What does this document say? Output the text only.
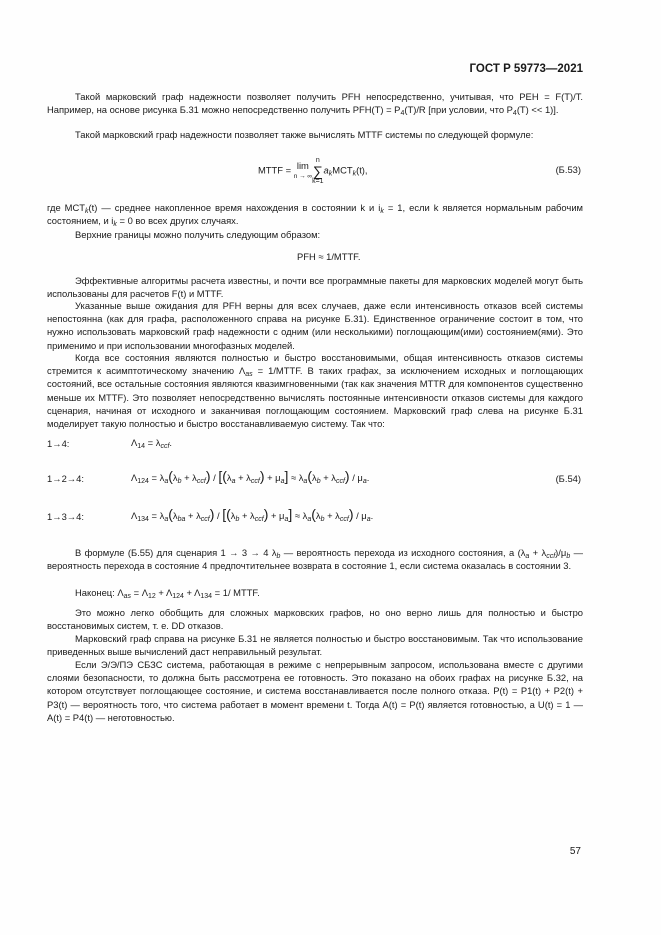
ГОСТ Р 59773—2021
Такой марковский граф надежности позволяет получить PFH непосредственно, учитывая, что PEH = F(T)/T. Например, на основе рисунка Б.31 можно непосредственно получить $PFH(T) = P_4(T)/R$ [при условии, что $P_4(T) << 1$)].
Такой марковский граф надежности позволяет также вычислять MTTF системы по следующей формуле:
MTTF = lim
n → ∞n
∑
$k=1a_kMCT_k(t)$,	(Б.53)
где $MCT_k(t)$ — среднее накопленное время нахождения в состоянии k и $i_k = 1$, если k является нормальным рабочим состоянием, и $i_k = 0$ во всех других случаях.
Верхние границы можно получить следующим образом:
PFH ≈ 1/MTTF.
Эффективные алгоритмы расчета известны, и почти все программные пакеты для марковских моделей могут быть использованы для расчетов F(t) и MTTF.
Указанные выше ожидания для PFH верны для всех случаев, даже если интенсивность отказов всей системы непостоянна (как для графа, расположенного справа на рисунке Б.31). Единственное ограничение состоит в том, что нужно использовать марковский граф надежности с одним (или несколькими) поглощающим(ими) состоянием(ями). Это применимо и при использовании многофазных моделей.
Когда все состояния являются полностью и быстро восстановимыми, общая интенсивность отказов системы стремится к асимптотическому значению $\Lambda_{as}$ = 1/MTTF. В таких графах, за исключением исходных и поглощающих состояний, все остальные состояния являются квазимгновенными (так как значения MTTR для компонентов существенно меньше их MTTF). Это позволяет непосредственно вычислять постоянные интенсивности отказов системы для каждого сценария, начиная от исходного и заканчивая поглощающим состоянием. Марковский граф слева на рисунке Б.31 моделирует такую полностью и быстро восстанавливаемую систему. Так что:
1→4:	$\Lambda_{14} = \lambda_{ccf}$.
1→2→4:	$\Lambda_{124} = \lambda_a(\lambda_b + \lambda_{ccf}) / [(\lambda_a + \lambda_{ccf}) + \mu_a] \approx \lambda_a(\lambda_b + \lambda_{ccf}) / \mu_a$.	(Б.54)
1→3→4:	$\Lambda_{134} = \lambda_a(\lambda_{ba} + \lambda_{ccf}) / [(\lambda_b + \lambda_{ccf}) + \mu_a] \approx \lambda_a(\lambda_b + \lambda_{ccf}) / \mu_a$.
В формуле (Б.55) для сценария 1 → 3 → 4 $\lambda_b$ — вероятность перехода из исходного состояния, а $(\lambda_a + \lambda_{ccf})/\mu_b$ — вероятность перехода в состояние 4 предпочтительнее возврата в состояние 1, если система оказалась в состоянии 3.
Наконец: $\Lambda_{as} = \Lambda_{12} + \Lambda_{124} + \Lambda_{134} = 1/$ MTTF.
Это можно легко обобщить для сложных марковских графов, но оно верно лишь для полностью и быстро восстановимых систем, т. е. DD отказов.
Марковский граф справа на рисунке Б.31 не является полностью и быстро восстановимым. Так что использование приведенных выше вычислений даст неправильный результат.
Если Э/Э/ПЭ СБЗС система, работающая в режиме с непрерывным запросом, использована вместе с другими слоями безопасности, то должна быть рассмотрена ее готовность. Это показано на обоих графах на рисунке Б.32, на котором отсутствует поглощающее состояние, и система восстанавливается после полного отказа. P(t) = P1(t) + P2(t) + P3(t) — вероятность того, что система работает в момент времени t. Тогда A(t) = P(t) является готовностью, а U(t) = 1 — A(t) = P4(t) — неготовностью.
57
